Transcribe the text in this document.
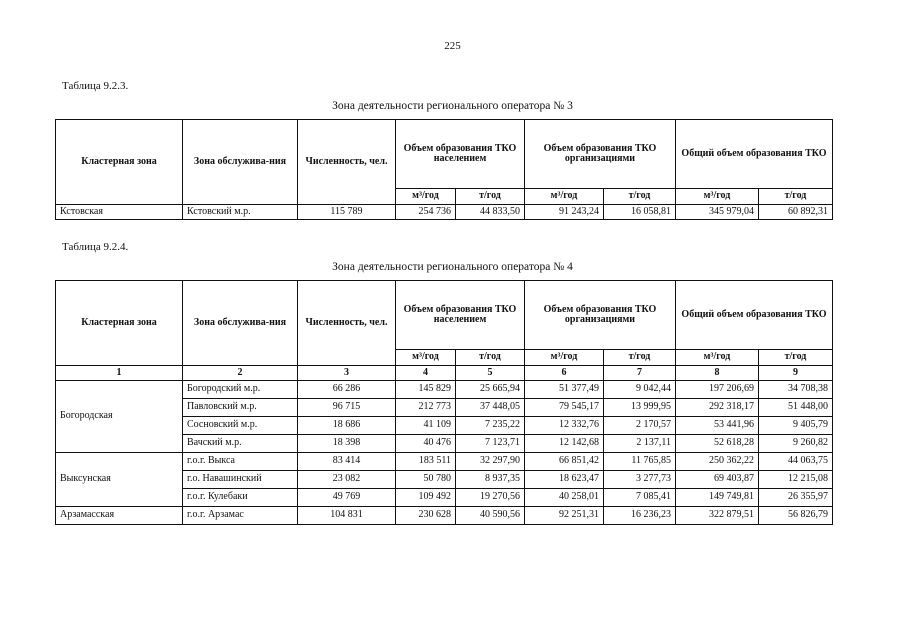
225
Таблица 9.2.3.
Зона деятельности регионального оператора № 3
Кластерная зона	Зона обслужива-ния	Численность, чел.	Объем образования ТКО населением		Объем образования ТКО организациями		Общий объем образования ТКО	
			м³/год	т/год	м³/год	т/год	м³/год	т/год
Кстовская	Кстовский м.р.	115 789	254 736	44 833,50	91 243,24	16 058,81	345 979,04	60 892,31
Таблица 9.2.4.
Зона деятельности регионального оператора № 4
Кластерная зона	Зона обслужива-ния	Численность, чел.	Объем образования ТКО населением		Объем образования ТКО организациями		Общий объем образования ТКО	
			м³/год	т/год	м³/год	т/год	м³/год	т/год
1	2	3	4	5	6	7	8	9
Богородская	Богородский м.р.	66 286	145 829	25 665,94	51 377,49	9 042,44	197 206,69	34 708,38
	Павловский м.р.	96 715	212 773	37 448,05	79 545,17	13 999,95	292 318,17	51 448,00
	Сосновский м.р.	18 686	41 109	7 235,22	12 332,76	2 170,57	53 441,96	9 405,79
	Вачский м.р.	18 398	40 476	7 123,71	12 142,68	2 137,11	52 618,28	9 260,82
Выксунская	г.о.г. Выкса	83 414	183 511	32 297,90	66 851,42	11 765,85	250 362,22	44 063,75
	г.о. Навашинский	23 082	50 780	8 937,35	18 623,47	3 277,73	69 403,87	12 215,08
	г.о.г. Кулебаки	49 769	109 492	19 270,56	40 258,01	7 085,41	149 749,81	26 355,97
Арзамасская	г.о.г. Арзамас	104 831	230 628	40 590,56	92 251,31	16 236,23	322 879,51	56 826,79
